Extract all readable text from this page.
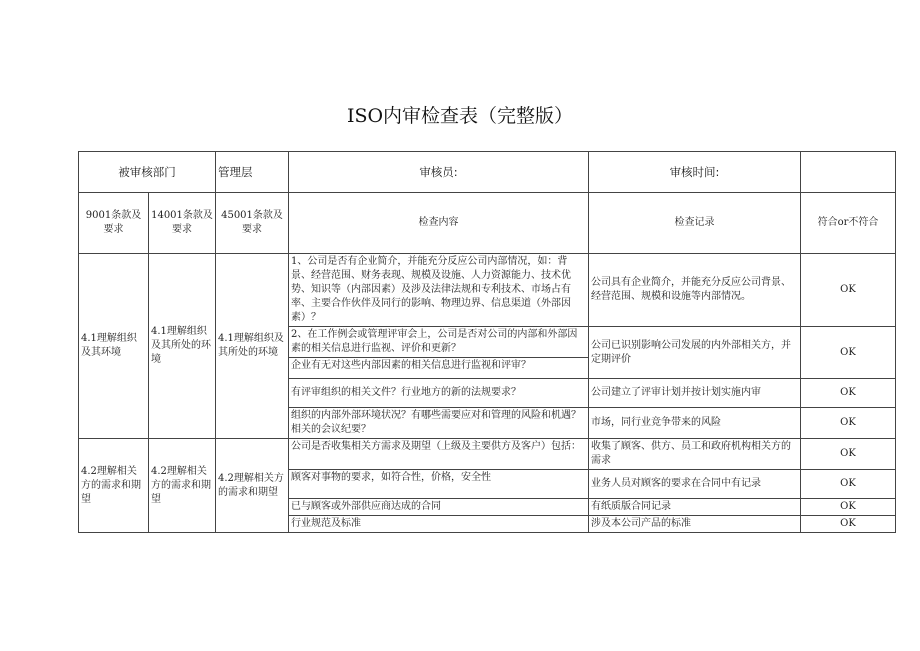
ISO内审检查表（完整版）
被审核部门		管理层	审核员:	审核时间:	
9001条款及要求	14001条款及要求	45001条款及要求	检查内容	检查记录	符合or不符合
4.1理解组织及其环境	4.1理解组织及其所处的环境	4.1理解组织及其所处的环境	1、公司是否有企业简介，并能充分反应公司内部情况，如：背景、经营范围、财务表现、规模及设施、人力资源能力、技术优势、知识等（内部因素）及涉及法律法规和专利技术、市场占有率、主要合作伙伴及同行的影响、物理边界、信息渠道（外部因素）？	公司具有企业简介，并能充分反应公司背景、经营范围、规模和设施等内部情况。	OK
			2、在工作例会或管理评审会上，公司是否对公司的内部和外部因素的相关信息进行监视、评价和更新？	公司已识别影响公司发展的内外部相关方，并定期评价	OK
			企业有无对这些内部因素的相关信息进行监视和评审？		
			有评审组织的相关文件？行业地方的新的法规要求？	公司建立了评审计划并按计划实施内审	OK
			组织的内部外部环境状况？有哪些需要应对和管理的风险和机遇？相关的会议纪要？	市场，同行业竞争带来的风险	OK
4.2理解相关方的需求和期望	4.2理解相关方的需求和期望	4.2理解相关方的需求和期望	公司是否收集相关方需求及期望（上级及主要供方及客户）包括：	收集了顾客、供方、员工和政府机构相关方的需求	OK
			顾客对事物的要求，如符合性，价格，安全性	业务人员对顾客的要求在合同中有记录	OK
			已与顾客或外部供应商达成的合同	有纸质版合同记录	OK
			行业规范及标准	涉及本公司产品的标准	OK
